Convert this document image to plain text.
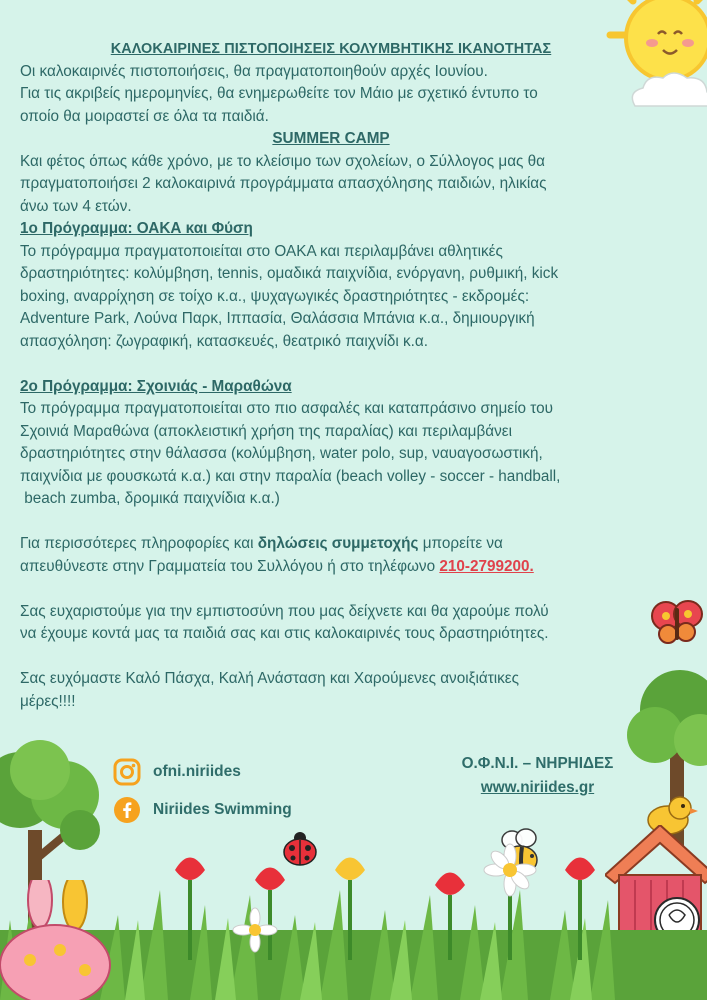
ΚΑΛΟΚΑΙΡΙΝΕΣ ΠΙΣΤΟΠΟΙΗΣΕΙΣ ΚΟΛΥΜΒΗΤΙΚΗΣ ΙΚΑΝΟΤΗΤΑΣ

Οι καλοκαιρινές πιστοποιήσεις, θα πραγματοποιηθούν αρχές Ιουνίου.

Για τις ακριβείς ημερομηνίες, θα ενημερωθείτε τον Μάιο με σχετικό έντυπο το

οποίο θα μοιραστεί σε όλα τα παιδιά.

SUMMER CAMP

Και φέτος όπως κάθε χρόνο, με το κλείσιμο των σχολείων, ο Σύλλογος μας θα

πραγματοποιήσει 2 καλοκαιρινά προγράμματα απασχόλησης παιδιών, ηλικίας

άνω των 4 ετών.

1ο Πρόγραμμα: ΟΑΚΑ και Φύση

Το πρόγραμμα πραγματοποιείται στο ΟΑΚΑ και περιλαμβάνει αθλητικές

δραστηριότητες: κολύμβηση, tennis, ομαδικά παιχνίδια, ενόργανη, ρυθμική, kick

boxing, αναρρίχηση σε τοίχο κ.α., ψυχαγωγικές δραστηριότητες - εκδρομές:

Adventure Park, Λούνα Παρκ, Ιππασία, Θαλάσσια Μπάνια κ.α., δημιουργική

απασχόληση: ζωγραφική, κατασκευές, θεατρικό παιχνίδι κ.α.

2ο Πρόγραμμα: Σχοινιάς - Μαραθώνα

Το πρόγραμμα πραγματοποιείται στο πιο ασφαλές και καταπράσινο σημείο του

Σχοινιά Μαραθώνα (αποκλειστική χρήση της παραλίας) και περιλαμβάνει

δραστηριότητες στην θάλασσα (κολύμβηση, water polo, sup, ναυαγοσωστική,

παιχνίδια με φουσκωτά κ.α.) και στην παραλία (beach volley - soccer - handball,

beach zumba, δρομικά παιχνίδια κ.α.)

Για περισσότερες πληροφορίες και δηλώσεις συμμετοχής μπορείτε να

απευθύνεστε στην Γραμματεία του Συλλόγου ή στο τηλέφωνο 210-2799200.

Σας ευχαριστούμε για την εμπιστοσύνη που μας δείχνετε και θα χαρούμε πολύ

να έχουμε κοντά μας τα παιδιά σας και στις καλοκαιρινές τους δραστηριότητες.

Σας ευχόμαστε Καλό Πάσχα, Καλή Ανάσταση και Χαρούμενες ανοιξιάτικες

μέρες!!!!

ofni.niriides
Niriides Swimming
Ο.Φ.Ν.Ι. – ΝΗΡΗΙΔΕΣ
www.niriides.gr
